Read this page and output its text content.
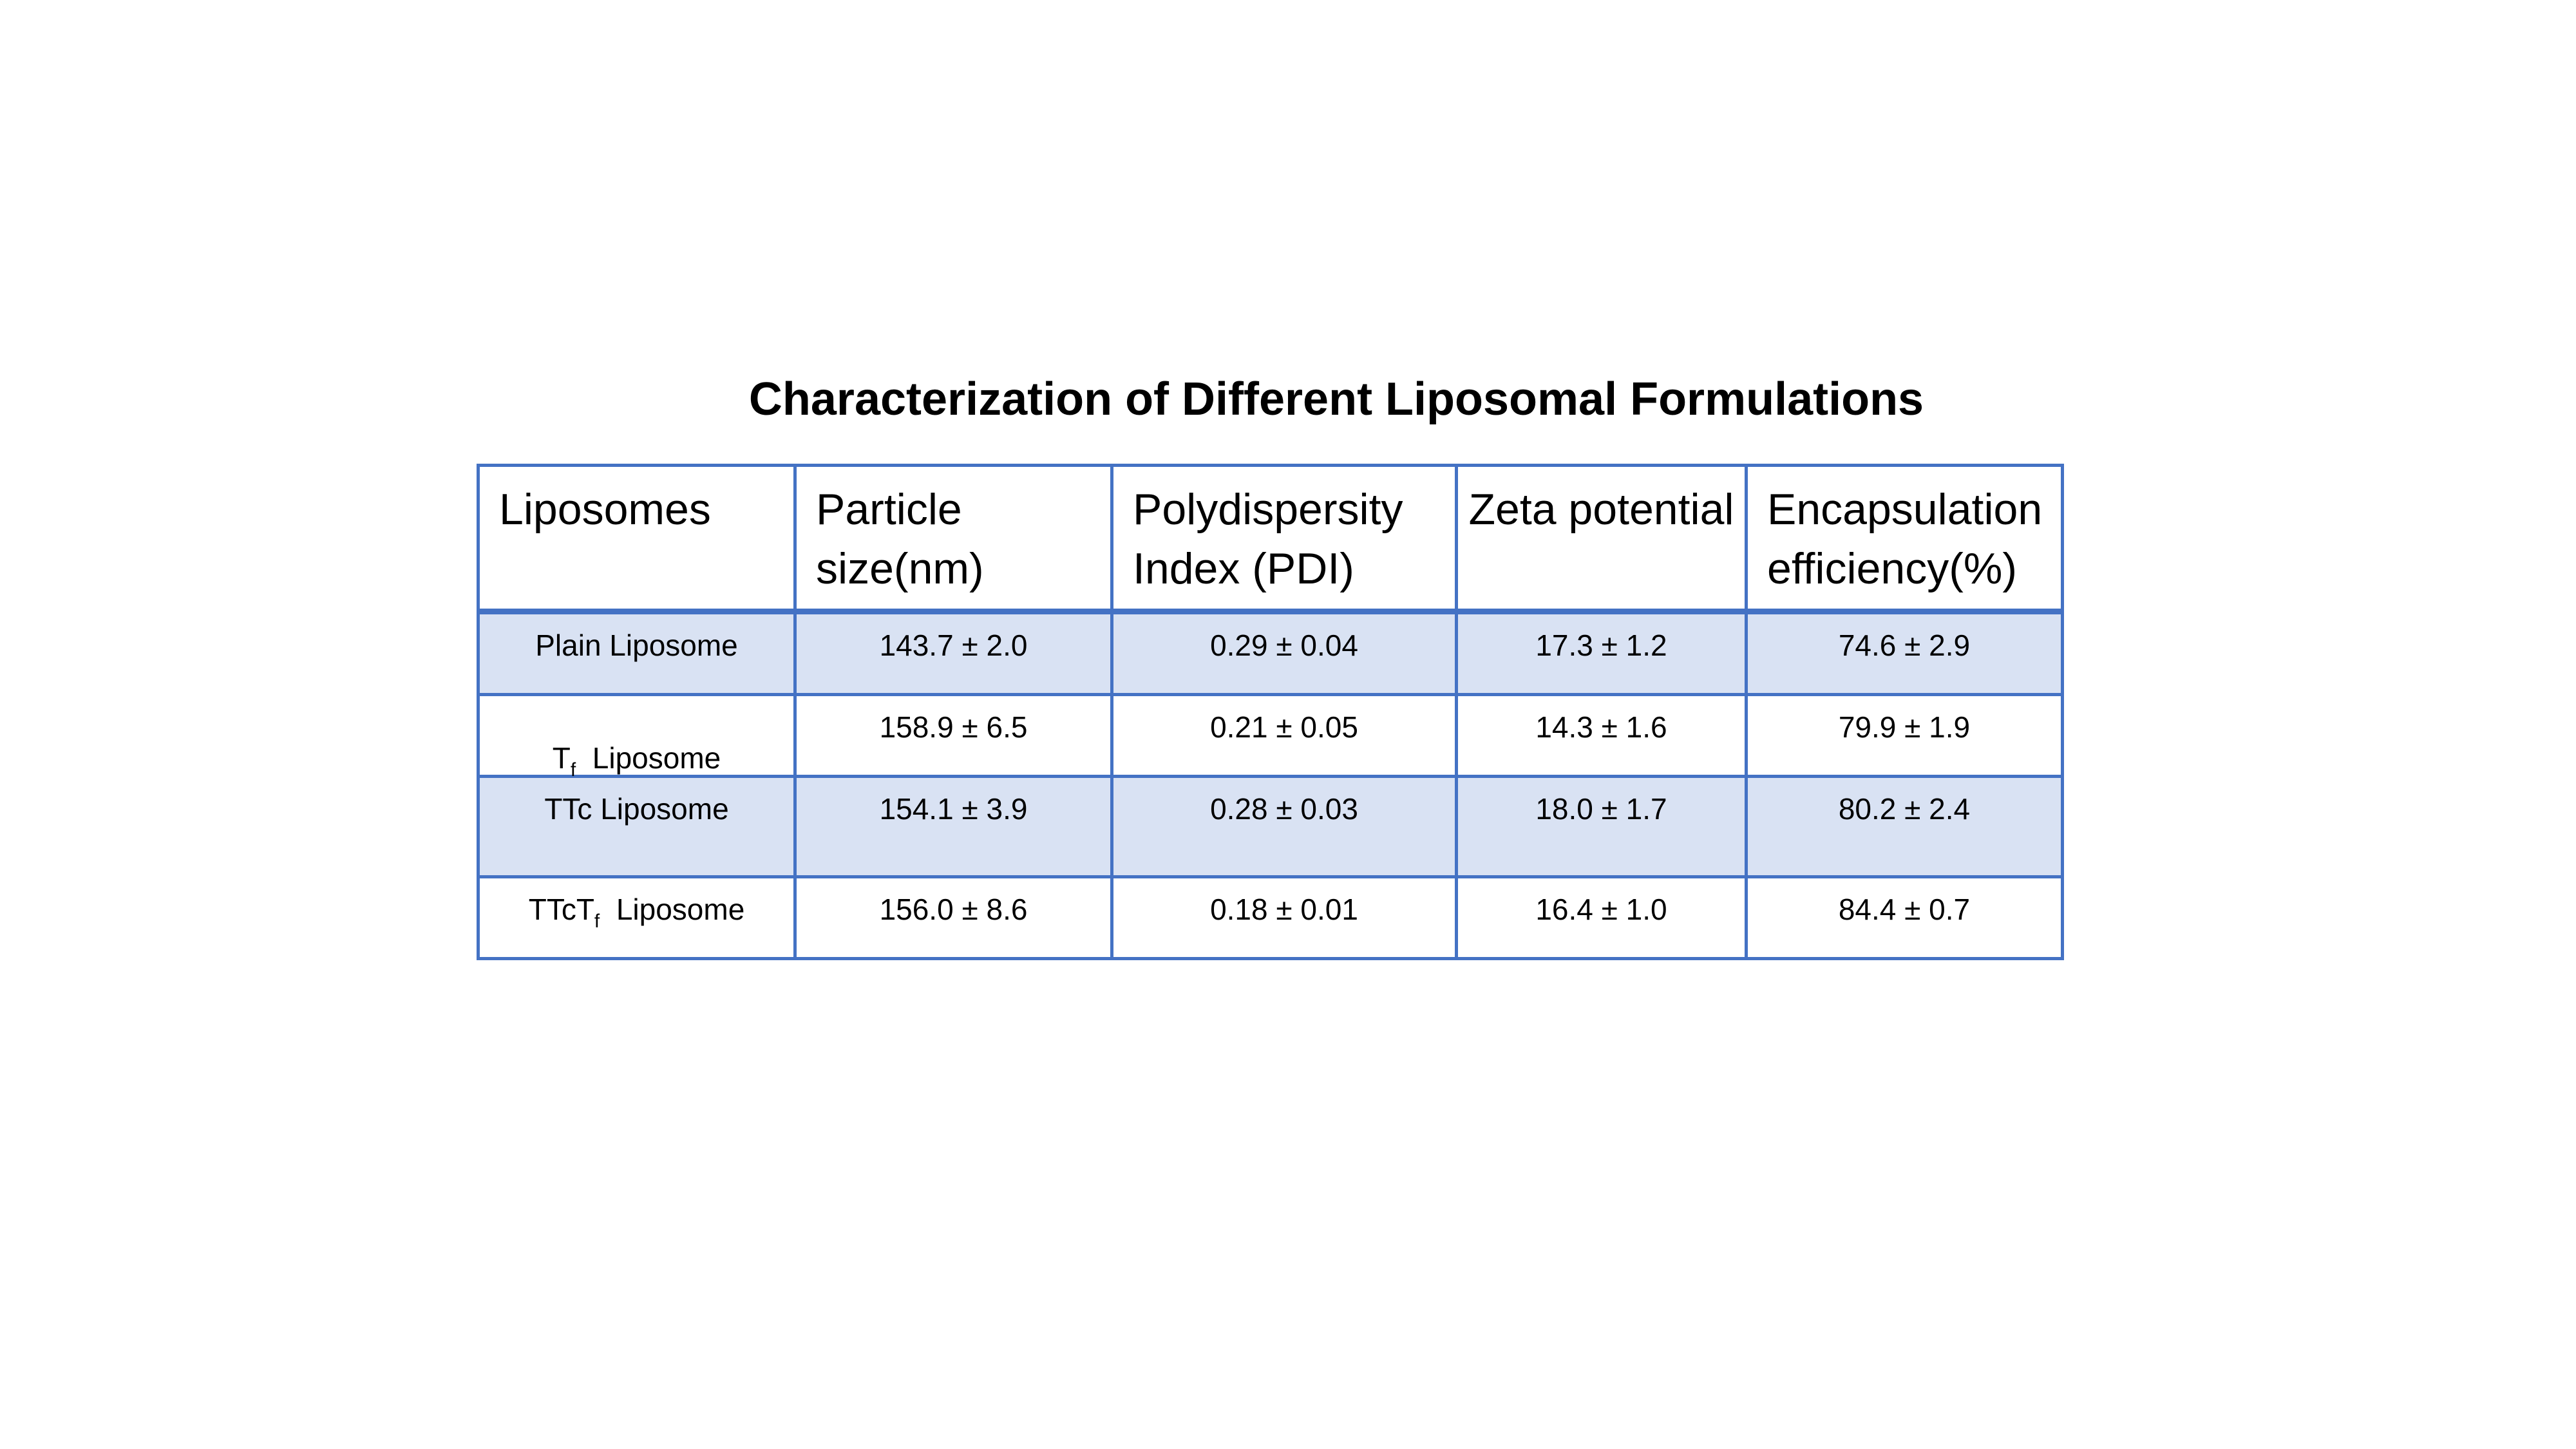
Characterization of Different Liposomal Formulations
Liposomes	Particle size(nm)	Polydispersity Index (PDI)	Zeta potential	Encapsulation efficiency(%)
Plain Liposome	143.7 ± 2.0	0.29 ± 0.04	17.3 ± 1.2	74.6 ± 2.9
$T_f$ Liposome	158.9 ± 6.5	0.21 ± 0.05	14.3 ± 1.6	79.9 ± 1.9
TTc Liposome	154.1 ± 3.9	0.28 ± 0.03	18.0 ± 1.7	80.2 ± 2.4
TTcT$_f$ Liposome	156.0 ± 8.6	0.18 ± 0.01	16.4 ± 1.0	84.4 ± 0.7
